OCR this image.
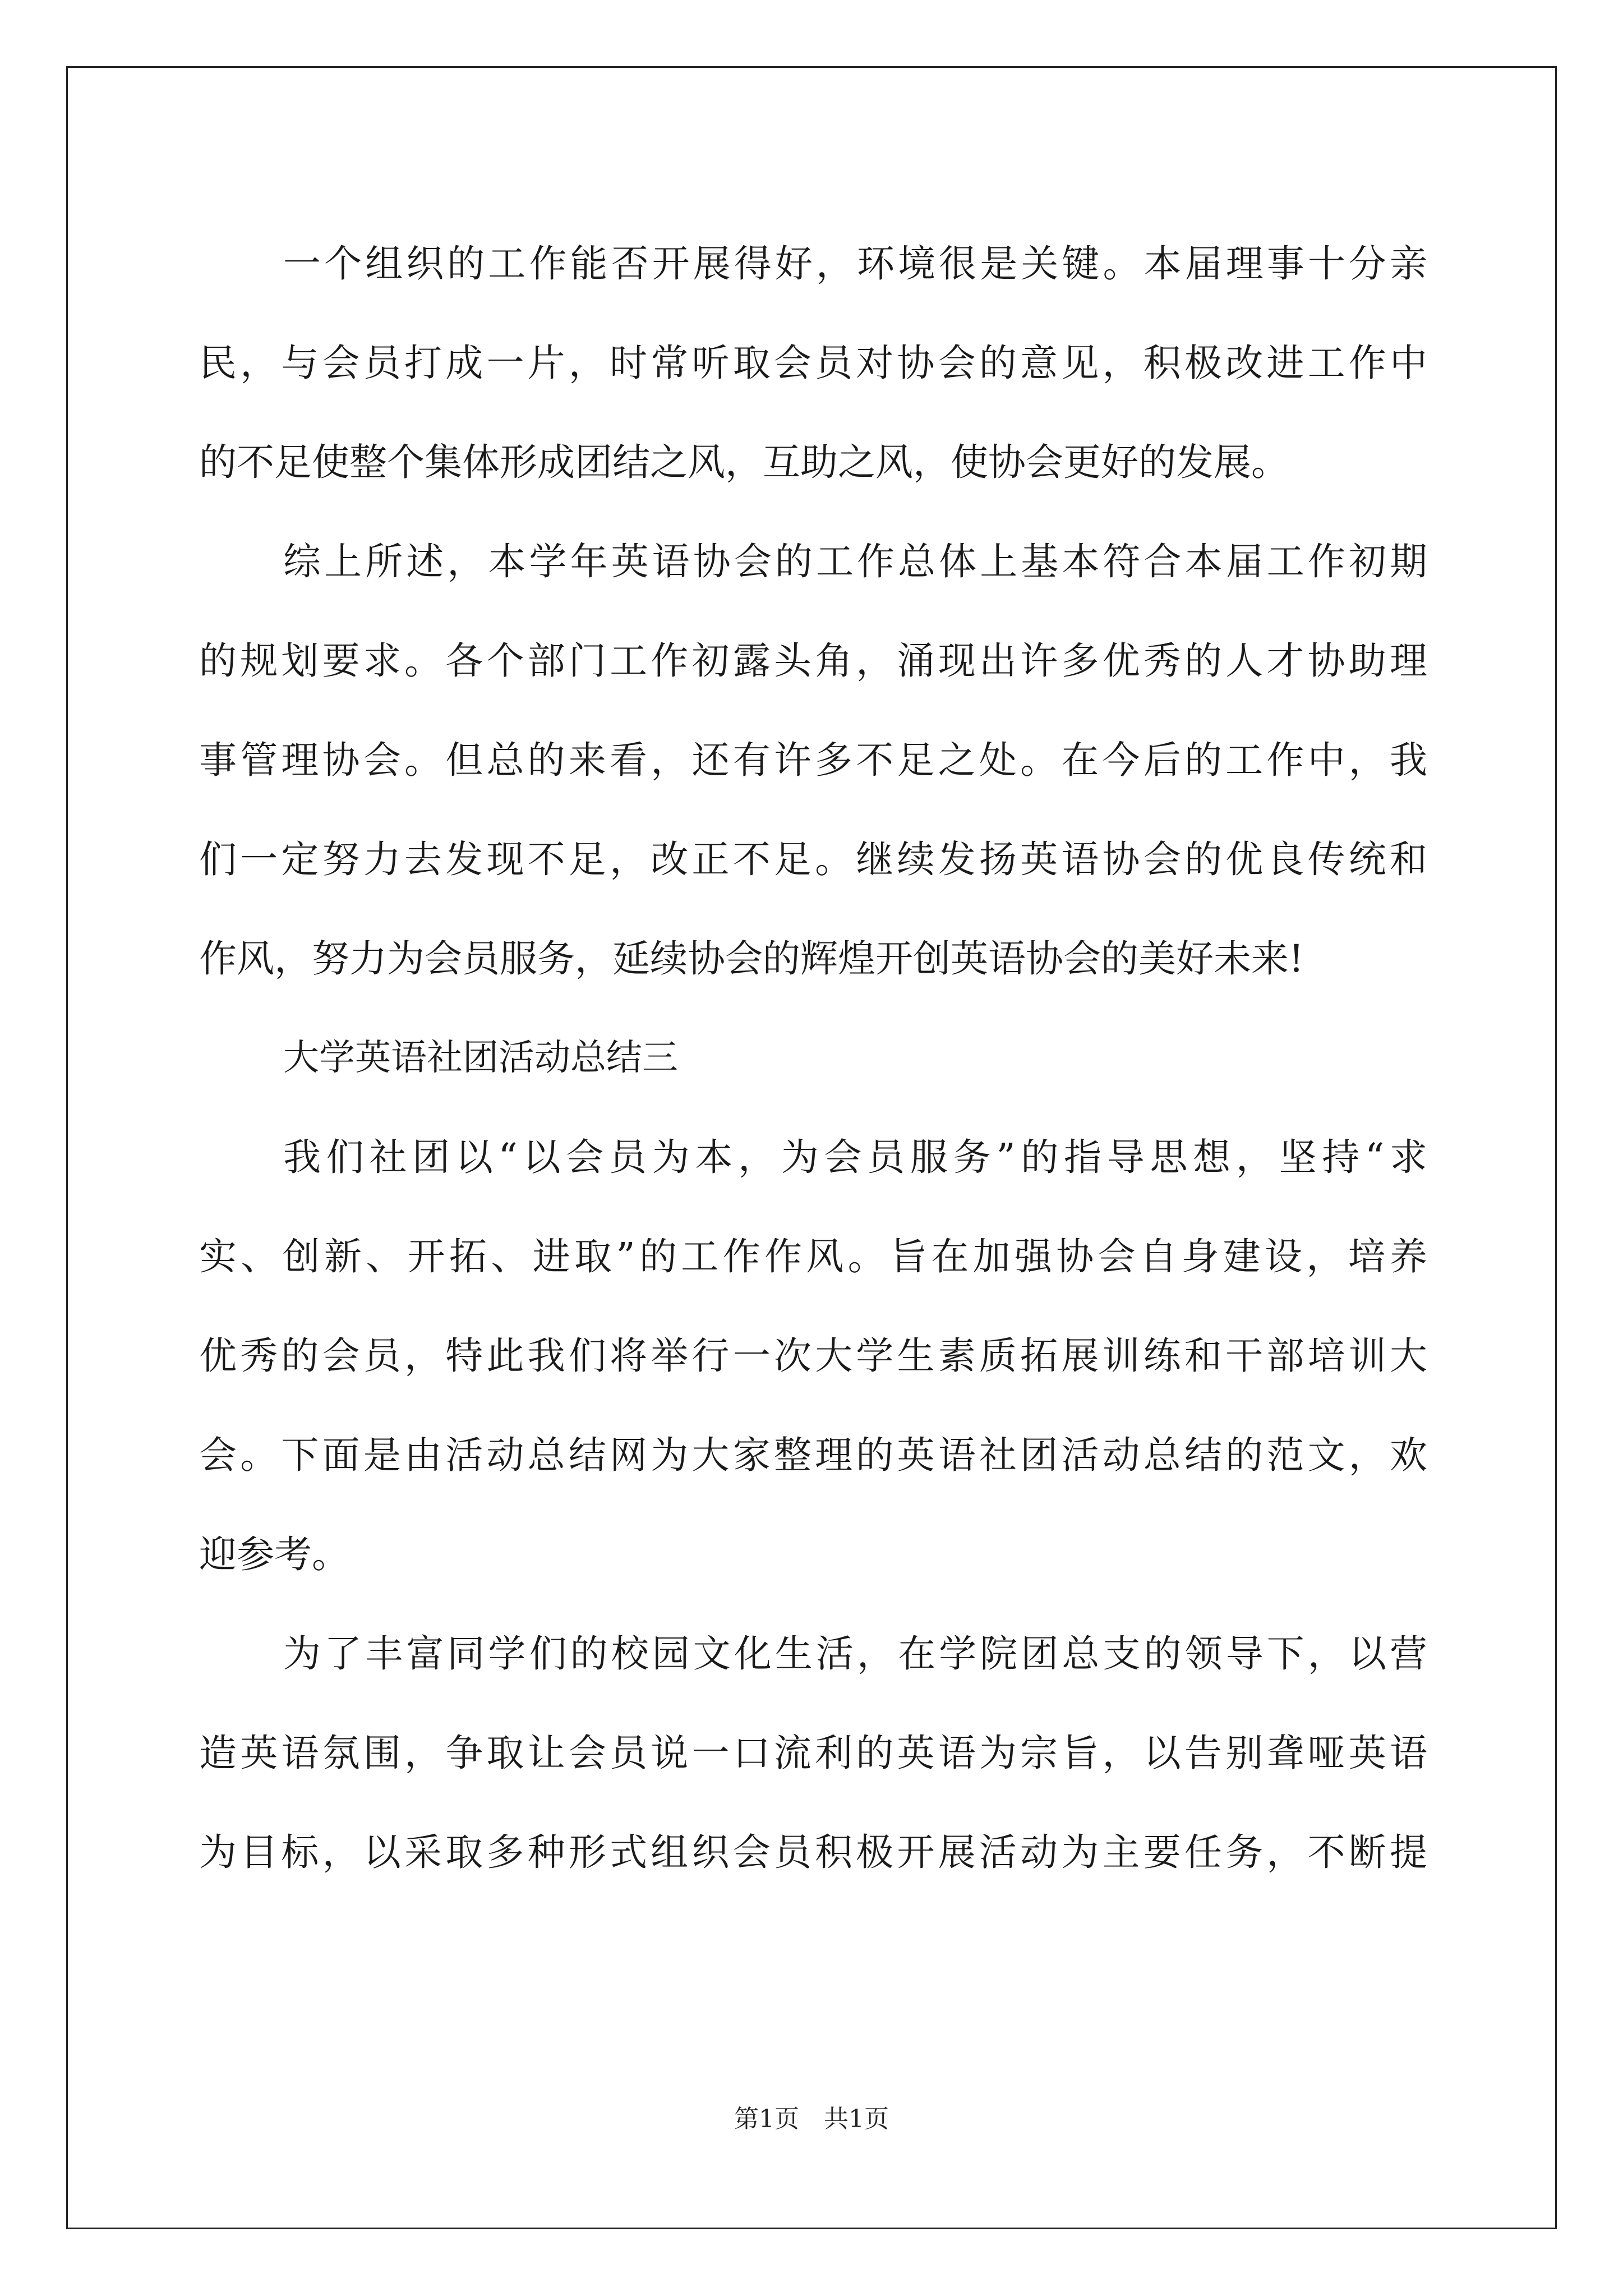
一个组织的工作能否开展得好，环境很是关键。本届理事十分亲
民，与会员打成一片，时常听取会员对协会的意见，积极改进工作中
的不足使整个集体形成团结之风，互助之风，使协会更好的发展。
综上所述，本学年英语协会的工作总体上基本符合本届工作初期
的规划要求。各个部门工作初露头角，涌现出许多优秀的人才协助理
事管理协会。但总的来看，还有许多不足之处。在今后的工作中，我
们一定努力去发现不足，改正不足。继续发扬英语协会的优良传统和
作风，努力为会员服务，延续协会的辉煌开创英语协会的美好未来!
大学英语社团活动总结三
我们社团以“以会员为本，为会员服务”的指导思想，坚持“求
实、创新、开拓、进取”的工作作风。旨在加强协会自身建设，培养
优秀的会员，特此我们将举行一次大学生素质拓展训练和干部培训大
会。下面是由活动总结网为大家整理的英语社团活动总结的范文，欢
迎参考。
为了丰富同学们的校园文化生活，在学院团总支的领导下，以营
造英语氛围，争取让会员说一口流利的英语为宗旨，以告别聋哑英语
为目标，以采取多种形式组织会员积极开展活动为主要任务，不断提
第1页　共1页
